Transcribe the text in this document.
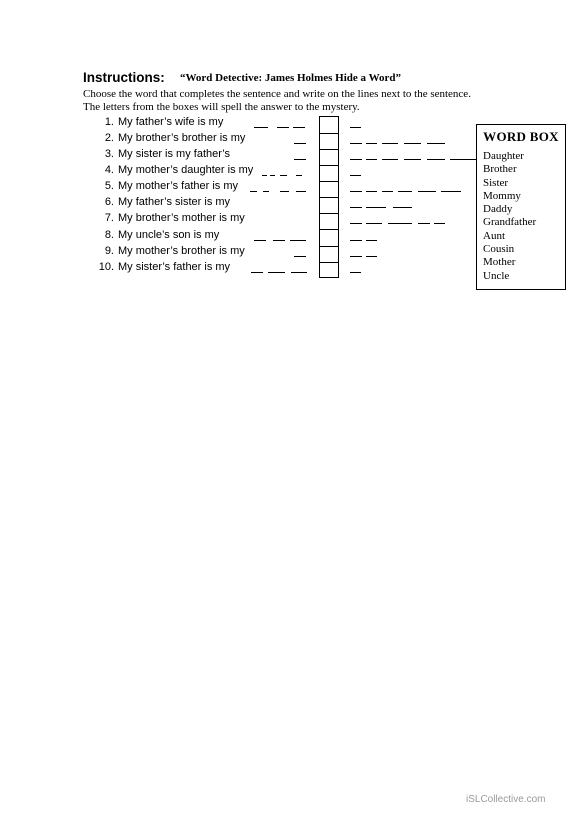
Instructions: “Word Detective: James Holmes Hide a Word”
Choose the word that completes the sentence and write on the lines next to the sentence.
The letters from the boxes will spell the answer to the mystery.
1. My father’s wife is my
2. My brother’s brother is my
3. My sister is my father’s
4. My mother’s daughter is my
5. My mother’s father is my
6. My father’s sister is my
7. My brother’s mother is my
8. My uncle’s son is my
9. My mother’s brother is my
10. My sister’s father is my
WORD BOX
Daughter
Brother
Sister
Mommy
Daddy
Grandfather
Aunt
Cousin
Mother
Uncle
iSLCollective.com
